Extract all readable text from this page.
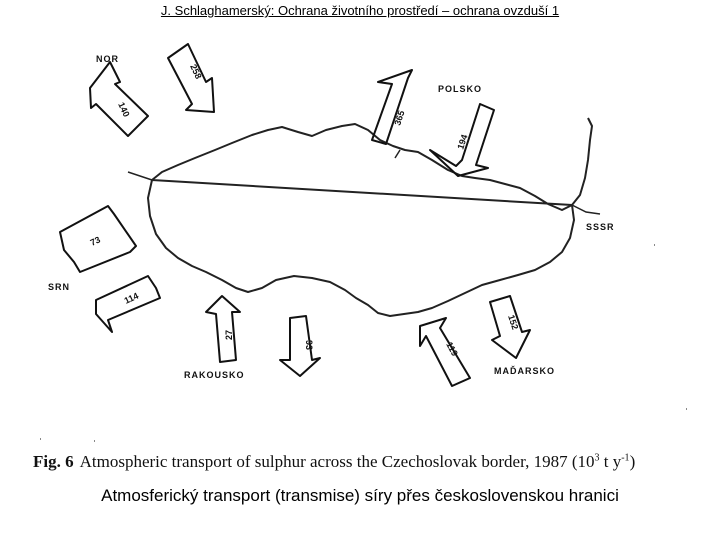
J. Schlaghamerský: Ochrana životního prostředí – ochrana ovzduší 1
NOR
POLSKO
SSSR
SRN
RAKOUSKO	MAĎARSKO
140
258
365
194
73
114
27
93	119
152
Fig. 6 Atmospheric transport of sulphur across the Czechoslovak border, 1987 ($10^3$ t $y^{-1}$)
Atmosferický transport (transmise) síry přes československou hranici
